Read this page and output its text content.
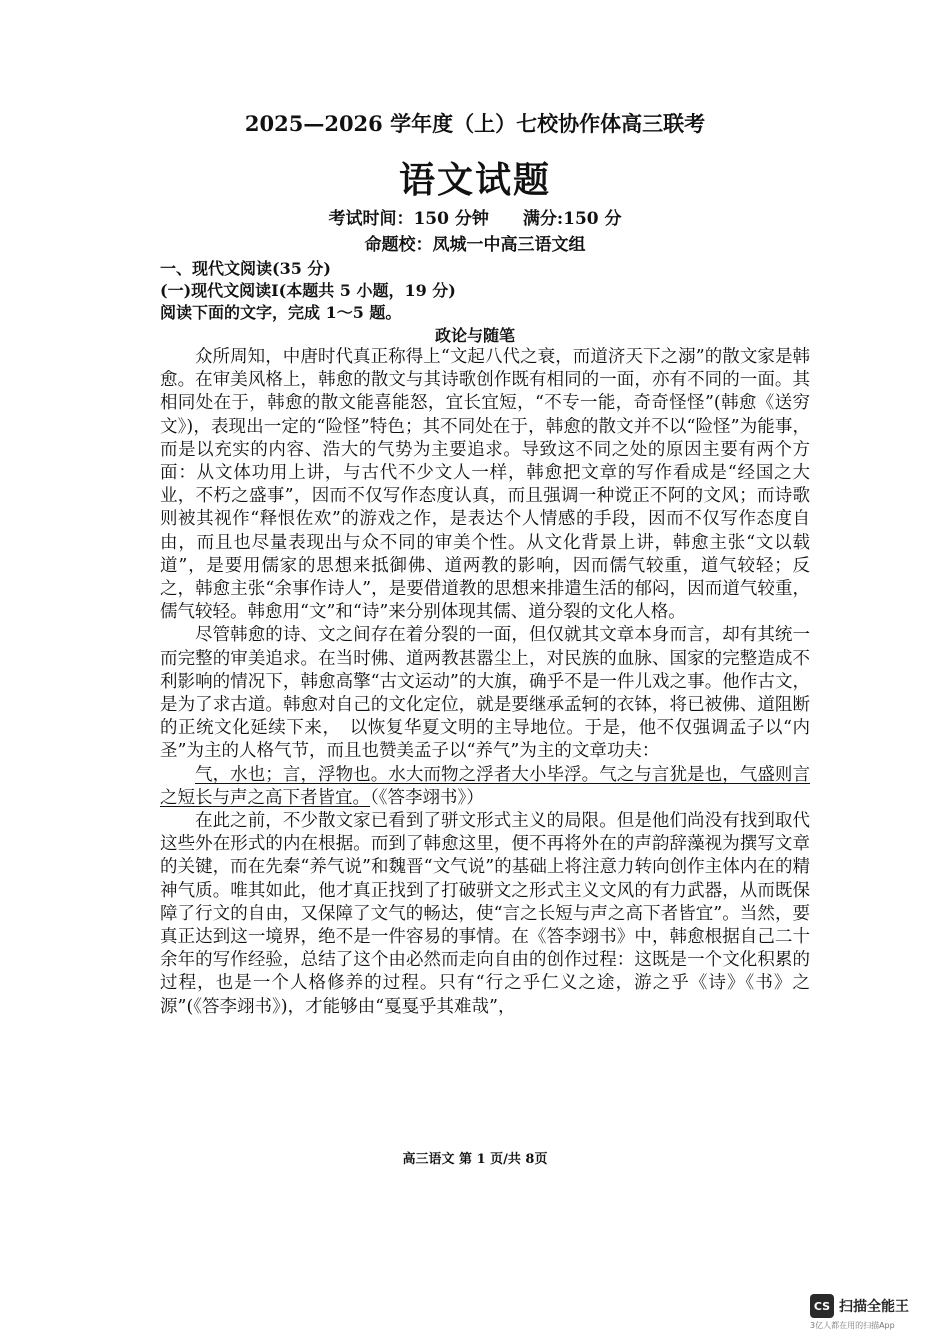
2025—2026 学年度（上）七校协作体高三联考
语文试题
考试时间：150 分钟　　满分:150 分
命题校：凤城一中高三语文组
一、现代文阅读(35 分)
(一)现代文阅读Ⅰ(本题共 5 小题，19 分)
阅读下面的文字，完成 1～5 题。
政论与随笔

众所周知，中唐时代真正称得上“文起八代之衰，而道济天下之溺”的散文家是韩愈。在审美风格上，韩愈的散文与其诗歌创作既有相同的一面，亦有不同的一面。其相同处在于，韩愈的散文能喜能怒，宜长宜短，“不专一能，奇奇怪怪”(韩愈《送穷文》)，表现出一定的“险怪”特色；其不同处在于，韩愈的散文并不以“险怪”为能事，而是以充实的内容、浩大的气势为主要追求。导致这不同之处的原因主要有两个方面：从文体功用上讲，与古代不少文人一样，韩愈把文章的写作看成是“经国之大业，不朽之盛事”，因而不仅写作态度认真，而且强调一种谠正不阿的文风；而诗歌则被其视作“释恨佐欢”的游戏之作，是表达个人情感的手段，因而不仅写作态度自由，而且也尽量表现出与众不同的审美个性。从文化背景上讲，韩愈主张“文以载道”，是要用儒家的思想来抵御佛、道两教的影响，因而儒气较重，道气较轻；反之，韩愈主张“余事作诗人”，是要借道教的思想来排遣生活的郁闷，因而道气较重，儒气较轻。韩愈用“文”和“诗”来分别体现其儒、道分裂的文化人格。

尽管韩愈的诗、文之间存在着分裂的一面，但仅就其文章本身而言，却有其统一而完整的审美追求。在当时佛、道两教甚嚣尘上，对民族的血脉、国家的完整造成不利影响的情况下，韩愈高擎“古文运动”的大旗，确乎不是一件儿戏之事。他作古文，是为了求古道。韩愈对自己的文化定位，就是要继承孟轲的衣钵，将已被佛、道阻断的正统文化延续下来，　以恢复华夏文明的主导地位。于是，他不仅强调孟子以“内圣”为主的人格气节，而且也赞美孟子以“养气”为主的文章功夫：

气，水也；言，浮物也。水大而物之浮者大小毕浮。气之与言犹是也，气盛则言之短长与声之高下者皆宜。（《答李翊书》）

在此之前，不少散文家已看到了骈文形式主义的局限。但是他们尚没有找到取代这些外在形式的内在根据。而到了韩愈这里，便不再将外在的声韵辞藻视为撰写文章的关键，而在先秦“养气说”和魏晋“文气说”的基础上将注意力转向创作主体内在的精神气质。唯其如此，他才真正找到了打破骈文之形式主义文风的有力武器，从而既保障了行文的自由，又保障了文气的畅达，使“言之长短与声之高下者皆宜”。当然，要真正达到这一境界，绝不是一件容易的事情。在《答李翊书》中，韩愈根据自己二十余年的写作经验，总结了这个由必然而走向自由的创作过程：这既是一个文化积累的过程，也是一个人格修养的过程。只有“行之乎仁义之途，游之乎《诗》《书》之源”(《答李翊书》)，才能够由“戛戛乎其难哉”，

高三语文 第 1 页/共 8页
CS 扫描全能王
3亿人都在用的扫描App
